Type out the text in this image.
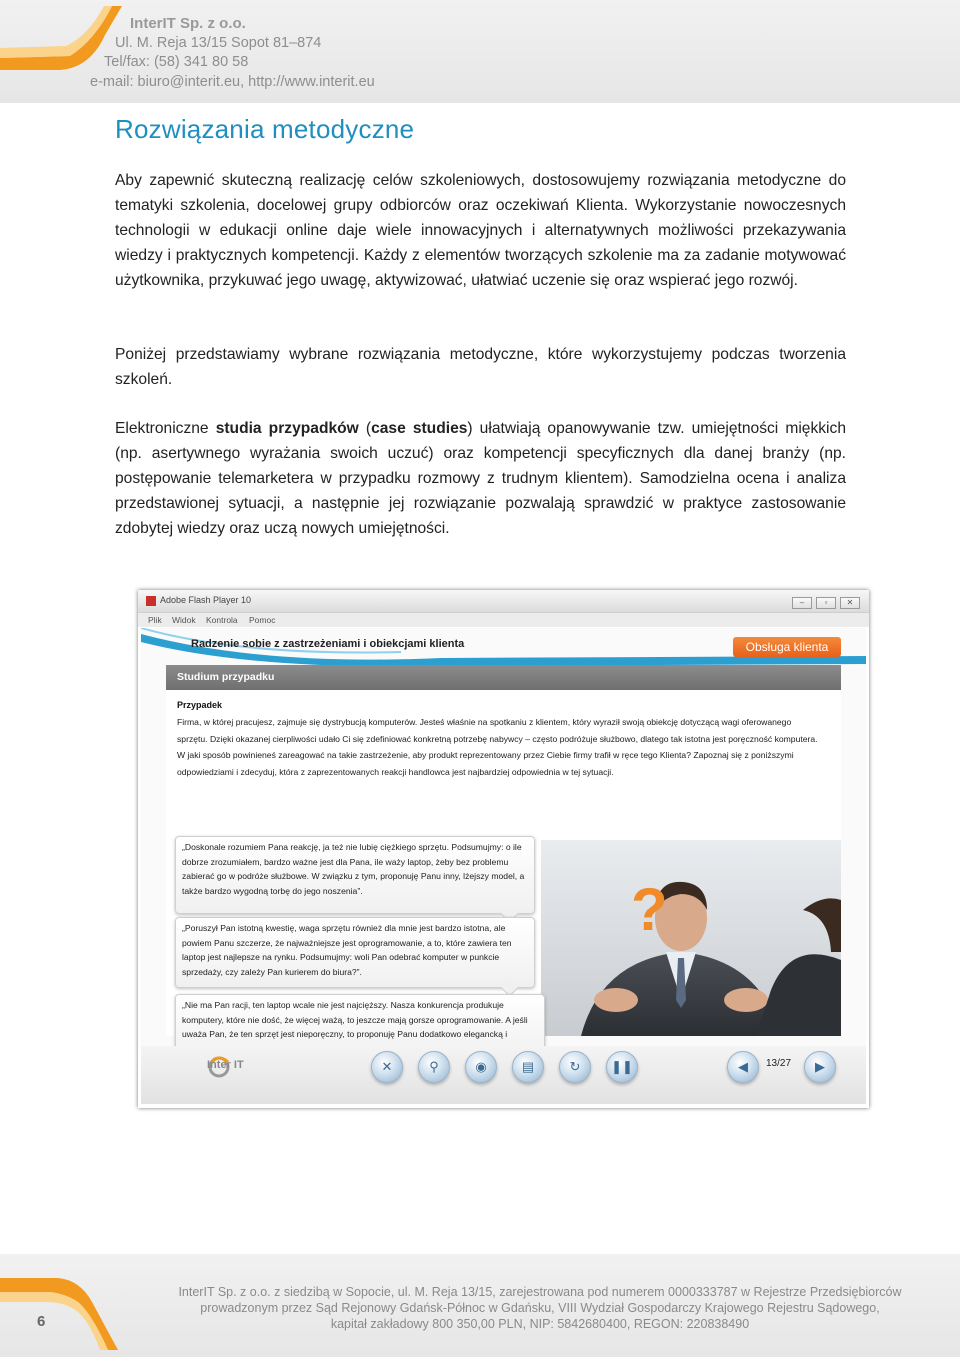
InterIT Sp. z o.o.
Ul. M. Reja 13/15 Sopot 81–874
Tel/fax: (58) 341 80 58
e-mail: biuro@interit.eu, http://www.interit.eu
Rozwiązania metodyczne

Aby zapewnić skuteczną realizację celów szkoleniowych, dostosowujemy rozwiązania metodyczne do tematyki szkolenia, docelowej grupy odbiorców oraz oczekiwań Klienta. Wykorzystanie nowoczesnych technologii w edukacji online daje wiele innowacyjnych i alternatywnych możliwości przekazywania wiedzy i praktycznych kompetencji. Każdy z elementów tworzących szkolenie ma za zadanie motywować użytkownika, przykuwać jego uwagę, aktywizować, ułatwiać uczenie się oraz wspierać jego rozwój.

Poniżej przedstawiamy wybrane rozwiązania metodyczne, które wykorzystujemy podczas tworzenia szkoleń.

Elektroniczne studia przypadków (case studies) ułatwiają opanowywanie tzw. umiejętności miękkich (np. asertywnego wyrażania swoich uczuć) oraz kompetencji specyficznych dla danej branży (np. postępowanie telemarketera w przypadku rozmowy z trudnym klientem). Samodzielna ocena i analiza przedstawionej sytuacji, a następnie jej rozwiązanie pozwalają sprawdzić w praktyce zastosowanie zdobytej wiedzy oraz uczą nowych umiejętności.

Adobe Flash Player 10	–	▫	✕
Plik Widok Kontrola Pomoc
Radzenie sobie z zastrzeżeniami i obiekcjami klienta	Obsługa klienta
Studium przypadku
Przypadek

Firma, w której pracujesz, zajmuje się dystrybucją komputerów. Jesteś właśnie na spotkaniu z klientem, który wyraził swoją obiekcję dotyczącą wagi oferowanego sprzętu. Dzięki okazanej cierpliwości udało Ci się zdefiniować konkretną potrzebę nabywcy – często podróżuje służbowo, dlatego tak istotna jest poręczność komputera. W jaki sposób powinieneś zareagować na takie zastrzeżenie, aby produkt reprezentowany przez Ciebie firmy trafił w ręce tego Klienta? Zapoznaj się z poniższymi odpowiedziami i zdecyduj, która z zaprezentowanych reakcji handlowca jest najbardziej odpowiednia w tej sytuacji.

?
„Doskonale rozumiem Pana reakcję, ja też nie lubię ciężkiego sprzętu. Podsumujmy: o ile dobrze zrozumiałem, bardzo ważne jest dla Pana, ile waży laptop, żeby bez problemu zabierać go w podróże służbowe. W związku z tym, proponuję Panu inny, lżejszy model, a także bardzo wygodną torbę do jego noszenia”.
„Poruszył Pan istotną kwestię, waga sprzętu również dla mnie jest bardzo istotna, ale powiem Panu szczerze, że najważniejsze jest oprogramowanie, a to, które zawiera ten laptop jest najlepsze na rynku. Podsumujmy: woli Pan odebrać komputer w punkcie sprzedaży, czy zależy Pan kurierem do biura?”.
„Nie ma Pan racji, ten laptop wcale nie jest najcięższy. Nasza konkurencja produkuje komputery, które nie dość, że więcej ważą, to jeszcze mają gorsze oprogramowanie. A jeśli uważa Pan, że ten sprzęt jest nieporęczny, to proponuję Panu dodatkowo elegancką i
Inter IT	✕	⚲	◉	▤	↻	❚❚	◀	13/27	▶
6
InterIT Sp. z o.o. z siedzibą w Sopocie, ul. M. Reja 13/15, zarejestrowana pod numerem 0000333787 w Rejestrze Przedsiębiorców
prowadzonym przez Sąd Rejonowy Gdańsk-Północ w Gdańsku, VIII Wydział Gospodarczy Krajowego Rejestru Sądowego,
kapitał zakładowy 800 350,00 PLN, NIP: 5842680400, REGON: 220838490
